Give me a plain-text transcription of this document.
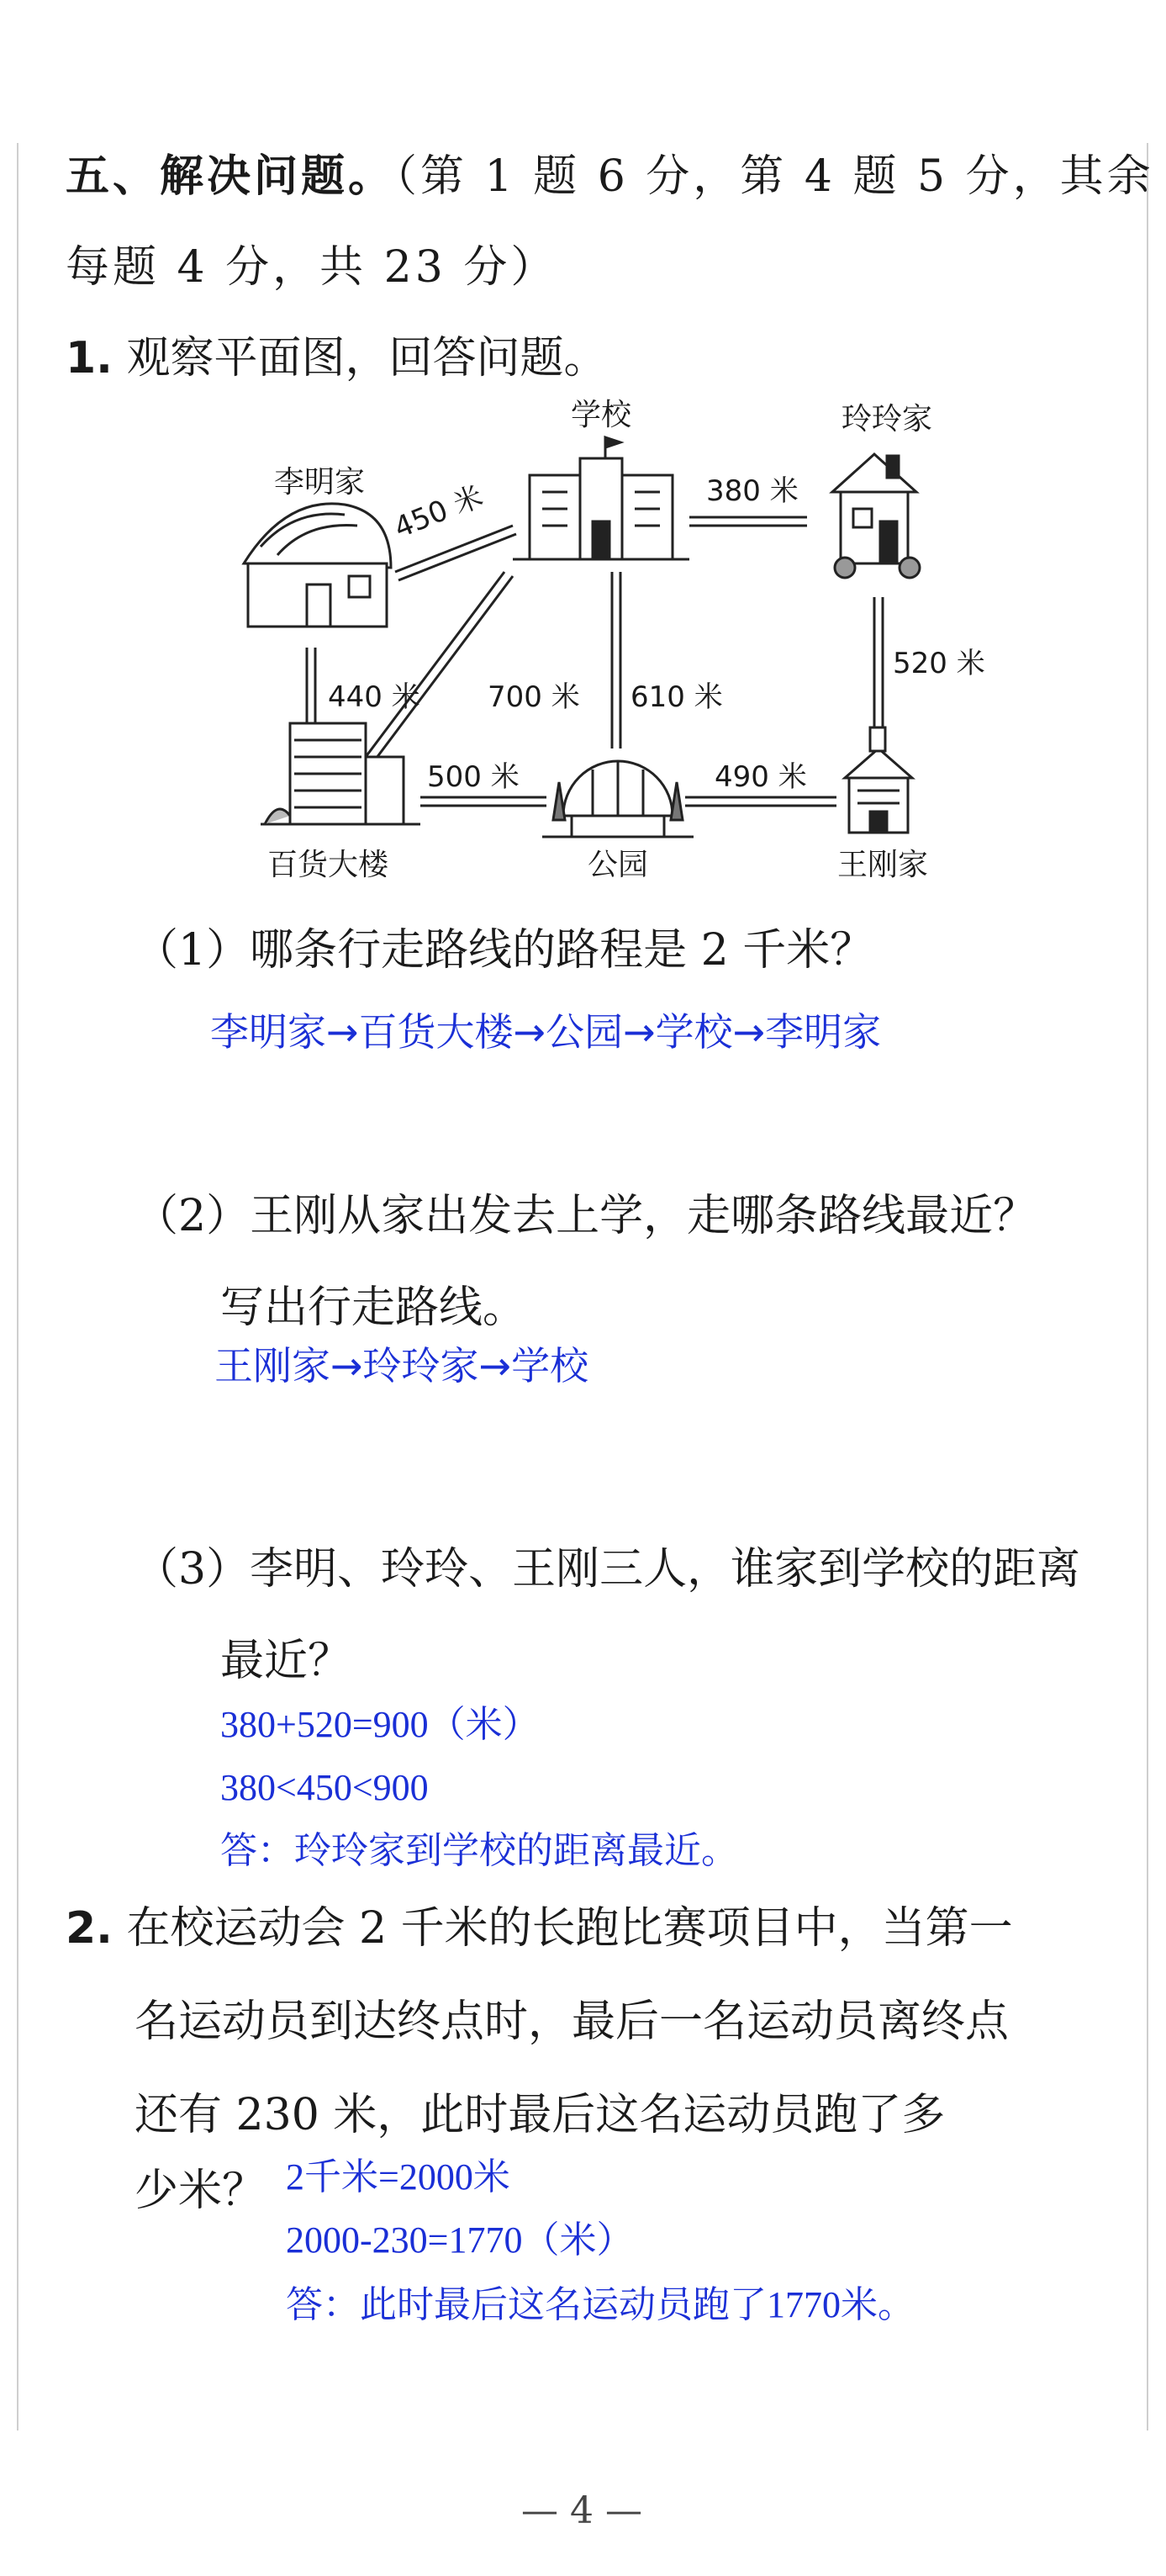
五、解决问题。（第 1 题 6 分，第 4 题 5 分，其余
每题 4 分，共 23 分）
1. 观察平面图，回答问题。
学校	玲玲家
李明家
百货大楼	公园	王刚家
450 米	380 米
440 米 700 米 610 米
520 米
500 米	490 米
（1）哪条行走路线的路程是 2 千米？
李明家→百货大楼→公园→学校→李明家
（2）王刚从家出发去上学，走哪条路线最近？
写出行走路线。
王刚家→玲玲家→学校
（3）李明、玲玲、王刚三人，谁家到学校的距离
最近？
380+520=900（米）
380<450<900
答：玲玲家到学校的距离最近。
2. 在校运动会 2 千米的长跑比赛项目中，当第一
名运动员到达终点时，最后一名运动员离终点
还有 230 米，此时最后这名运动员跑了多
少米？ 2千米=2000米
2000-230=1770（米）
答：此时最后这名运动员跑了1770米。
— 4 —
